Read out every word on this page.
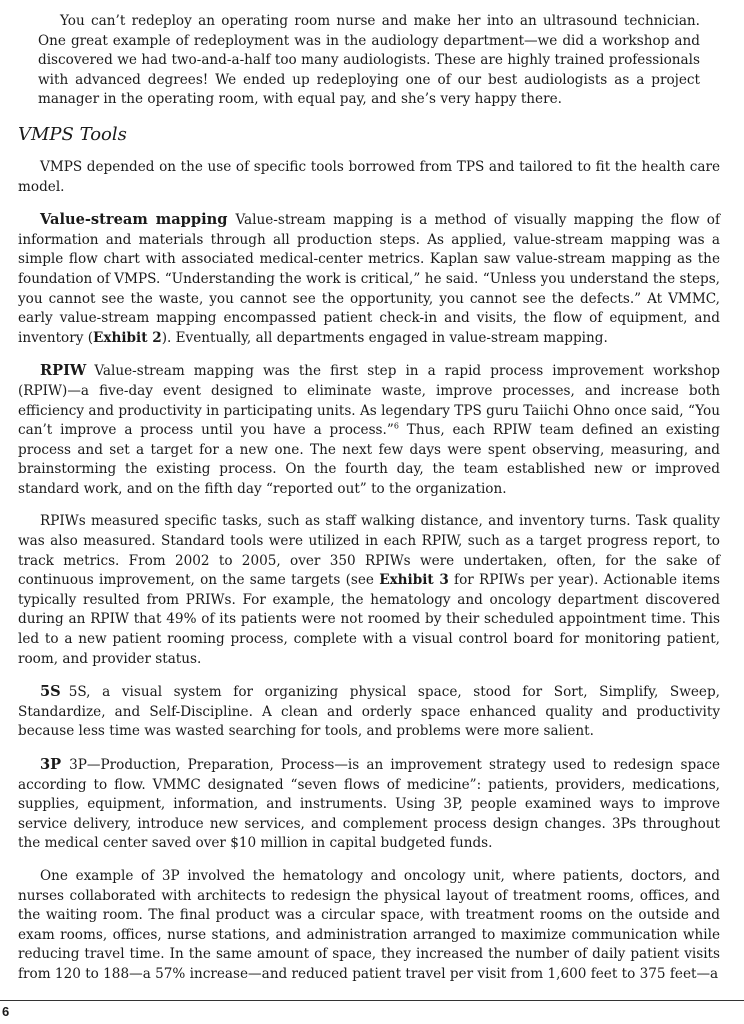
You can’t redeploy an operating room nurse and make her into an ultrasound technician. One great example of redeployment was in the audiology department—we did a workshop and discovered we had two-and-a-half too many audiologists. These are highly trained professionals with advanced degrees! We ended up redeploying one of our best audiologists as a project manager in the operating room, with equal pay, and she’s very happy there.

VMPS Tools

VMPS depended on the use of specific tools borrowed from TPS and tailored to fit the health care model.

Value-stream mapping Value-stream mapping is a method of visually mapping the flow of information and materials through all production steps. As applied, value-stream mapping was a simple flow chart with associated medical-center metrics. Kaplan saw value-stream mapping as the foundation of VMPS. “Understanding the work is critical,” he said. “Unless you understand the steps, you cannot see the waste, you cannot see the opportunity, you cannot see the defects.” At VMMC, early value-stream mapping encompassed patient check-in and visits, the flow of equipment, and inventory (Exhibit 2). Eventually, all departments engaged in value-stream mapping.

RPIW Value-stream mapping was the first step in a rapid process improvement workshop (RPIW)—a five-day event designed to eliminate waste, improve processes, and increase both efficiency and productivity in participating units. As legendary TPS guru Taiichi Ohno once said, “You can’t improve a process until you have a process.”$^6$ Thus, each RPIW team defined an existing process and set a target for a new one. The next few days were spent observing, measuring, and brainstorming the existing process. On the fourth day, the team established new or improved standard work, and on the fifth day “reported out” to the organization.

RPIWs measured specific tasks, such as staff walking distance, and inventory turns. Task quality was also measured. Standard tools were utilized in each RPIW, such as a target progress report, to track metrics. From 2002 to 2005, over 350 RPIWs were undertaken, often, for the sake of continuous improvement, on the same targets (see Exhibit 3 for RPIWs per year). Actionable items typically resulted from PRIWs. For example, the hematology and oncology department discovered during an RPIW that 49% of its patients were not roomed by their scheduled appointment time. This led to a new patient rooming process, complete with a visual control board for monitoring patient, room, and provider status.

5S 5S, a visual system for organizing physical space, stood for Sort, Simplify, Sweep, Standardize, and Self-Discipline. A clean and orderly space enhanced quality and productivity because less time was wasted searching for tools, and problems were more salient.

3P 3P—Production, Preparation, Process—is an improvement strategy used to redesign space according to flow. VMMC designated “seven flows of medicine”: patients, providers, medications, supplies, equipment, information, and instruments. Using 3P, people examined ways to improve service delivery, introduce new services, and complement process design changes. 3Ps throughout the medical center saved over $10 million in capital budgeted funds.

One example of 3P involved the hematology and oncology unit, where patients, doctors, and nurses collaborated with architects to redesign the physical layout of treatment rooms, offices, and the waiting room. The final product was a circular space, with treatment rooms on the outside and exam rooms, offices, nurse stations, and administration arranged to maximize communication while reducing travel time. In the same amount of space, they increased the number of daily patient visits from 120 to 188—a 57% increase—and reduced patient travel per visit from 1,600 feet to 375 feet—a

6
